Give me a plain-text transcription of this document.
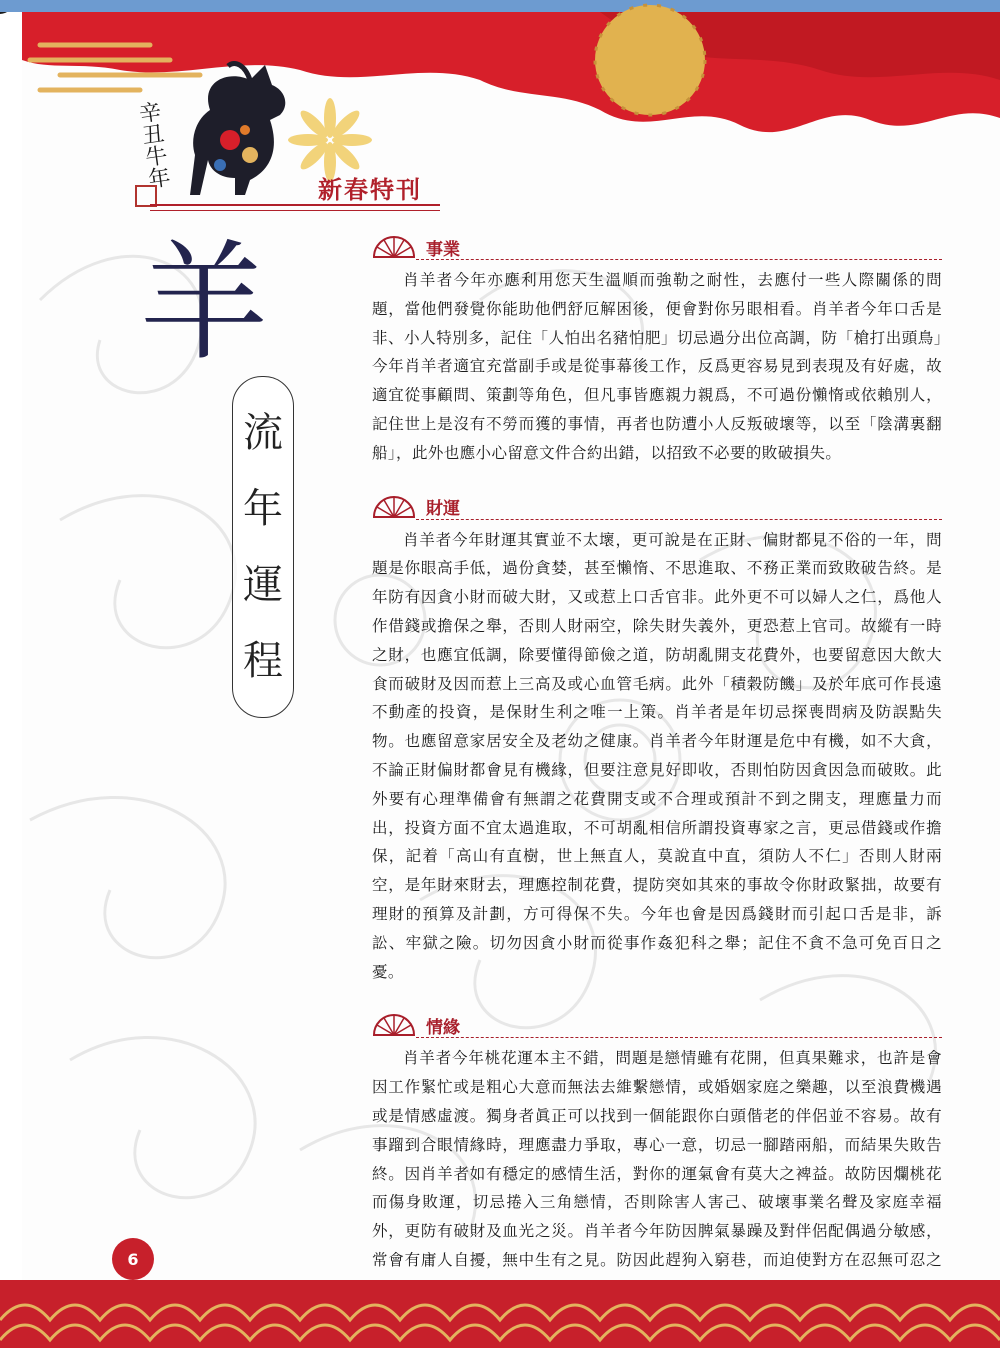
辛
丑
牛
年	新春特刊
羊
流
年
運
程
事業

肖羊者今年亦應利用您天生溫順而強勒之耐性，去應付一些人際關係的問題，當他們發覺你能助他們舒厄解困後，便會對你另眼相看。肖羊者今年口舌是非、小人特別多，記住「人怕出名豬怕肥」切忌過分出位高調，防「槍打出頭鳥」今年肖羊者適宜充當副手或是從事幕後工作，反爲更容易見到表現及有好處，故適宜從事顧問、策劃等角色，但凡事皆應親力親爲，不可過份懶惰或依賴別人，記住世上是沒有不勞而獲的事情，再者也防遭小人反叛破壞等，以至「陰溝裏翻船」，此外也應小心留意文件合約出錯，以招致不必要的敗破損失。

財運

肖羊者今年財運其實並不太壞，更可說是在正財、偏財都見不俗的一年，問題是你眼高手低，過份貪婪，甚至懶惰、不思進取、不務正業而致敗破告終。是年防有因貪小財而破大財，又或惹上口舌官非。此外更不可以婦人之仁，爲他人作借錢或擔保之舉，否則人財兩空，除失財失義外，更恐惹上官司。故縱有一時之財，也應宜低調，除要懂得節儉之道，防胡亂開支花費外，也要留意因大飲大食而破財及因而惹上三高及或心血管毛病。此外「積穀防饑」及於年底可作長遠不動產的投資，是保財生利之唯一上策。肖羊者是年切忌探喪問病及防誤點失物。也應留意家居安全及老幼之健康。肖羊者今年財運是危中有機，如不大貪，不論正財偏財都會見有機緣，但要注意見好即收，否則怕防因貪因急而破敗。此外要有心理準備會有無謂之花費開支或不合理或預計不到之開支，理應量力而出，投資方面不宜太過進取，不可胡亂相信所謂投資專家之言，更忌借錢或作擔保，記着「高山有直樹，世上無直人，莫說直中直，須防人不仁」否則人財兩空，是年財來財去，理應控制花費，提防突如其來的事故令你財政緊拙，故要有理財的預算及計劃，方可得保不失。今年也會是因爲錢財而引起口舌是非，訴訟、牢獄之險。切勿因貪小財而從事作姦犯科之舉；記住不貪不急可免百日之憂。

情緣

肖羊者今年桃花運本主不錯，問題是戀情雖有花開，但真果難求，也許是會因工作緊忙或是粗心大意而無法去維繫戀情，或婚姻家庭之樂趣，以至浪費機遇或是情感虛渡。獨身者眞正可以找到一個能跟你白頭偕老的伴侶並不容易。故有事蹓到合眼情緣時，理應盡力爭取，專心一意，切忌一腳踏兩船，而結果失敗告終。因肖羊者如有穩定的感情生活，對你的運氣會有莫大之裨益。故防因爛桃花而傷身敗運，切忌捲入三角戀情，否則除害人害己、破壞事業名聲及家庭幸福外，更防有破財及血光之災。肖羊者今年防因脾氣暴躁及對伴侶配偶過分敏感，常會有庸人自擾，無中生有之見。防因此趕狗入窮巷，而迫使對方在忍無可忍之

6
